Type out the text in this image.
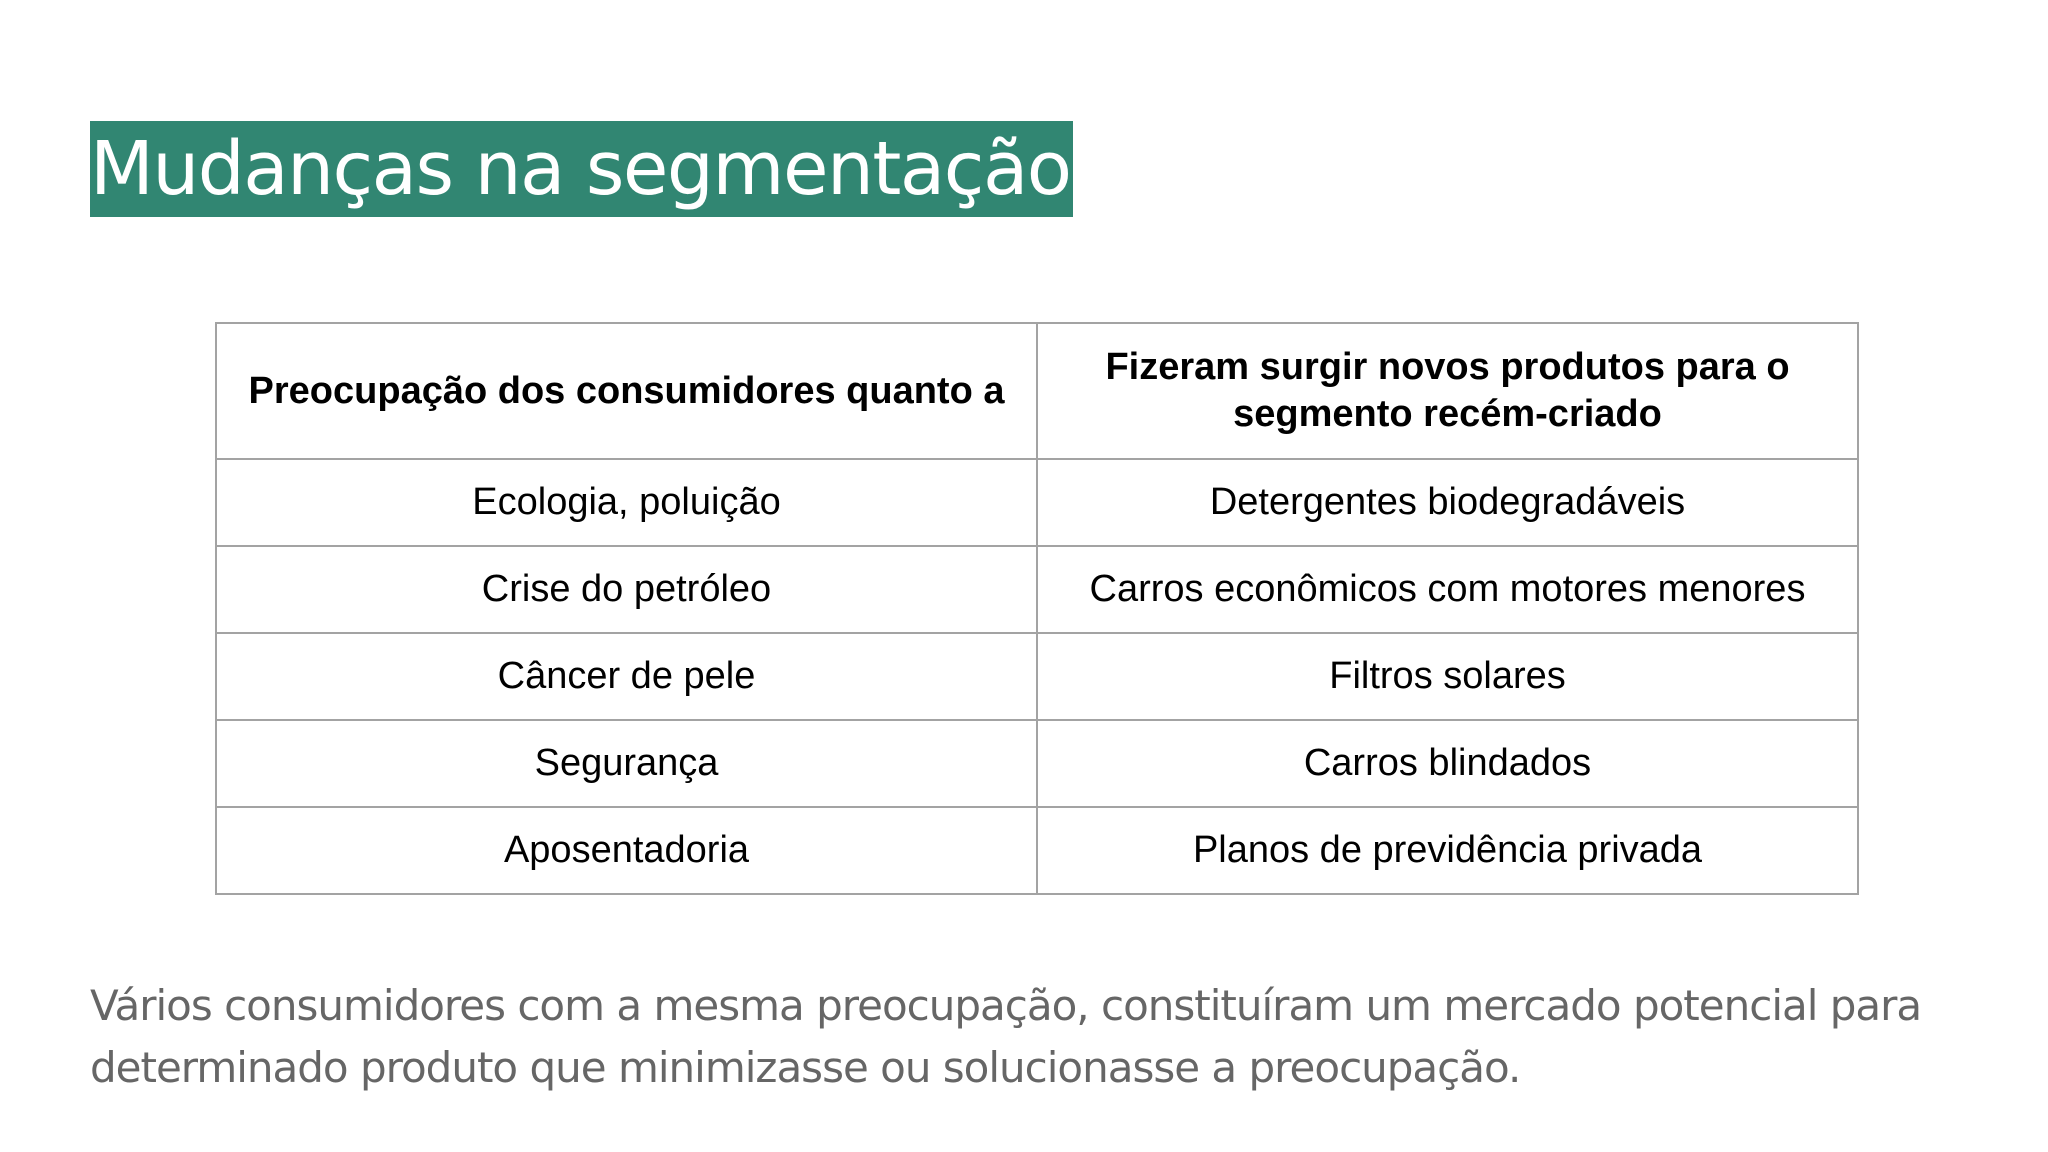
Mudanças na segmentação
Preocupação dos consumidores quanto a	Fizeram surgir novos produtos para o segmento recém-criado
Ecologia, poluição	Detergentes biodegradáveis
Crise do petróleo	Carros econômicos com motores menores
Câncer de pele	Filtros solares
Segurança	Carros blindados
Aposentadoria	Planos de previdência privada
Vários consumidores com a mesma preocupação, constituíram um mercado potencial para determinado produto que minimizasse ou solucionasse a preocupação.
